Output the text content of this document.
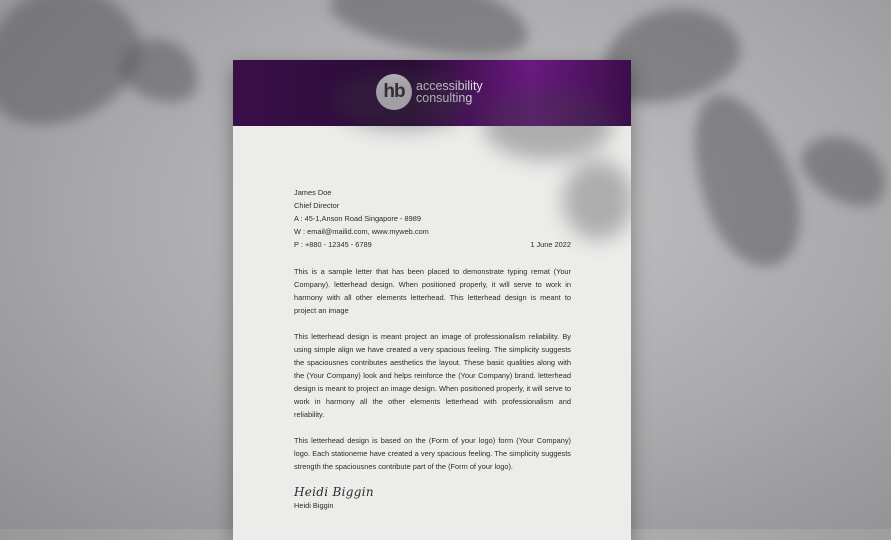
hb accessibility
consulting
James Doe
Chief Director
A : 45-1,Anson Road Singapore - 8989
W : email@mailid.com, www.myweb.com
P : +880 - 12345 - 6789	1 June 2022
This is a sample letter that has been placed to demonstrate typing remat (Your Company). letterhead design. When positioned properly, it will serve to work in harmony with all other elements letterhead. This letterhead design is meant to project an image
This letterhead design is meant project an image of professionalism reliability. By using simple align we have created a very spacious feeling. The simplicity suggests the spaciousnes contributes aesthetics the layout. These basic qualities along with the (Your Company) look and helps reinforce the (Your Company) brand. letterhead design is meant to project an image design. When positioned properly, it will serve to work in harmony all the other elements letterhead with professionalism and reliability.
This letterhead design is based on the (Form of your logo) form (Your Company) logo. Each stationeme have created a very spacious feeling. The simplicity suggests strength the spaciousnes contribute part of the (Form of your logo).
Heidi Biggin
Heidi Biggin
